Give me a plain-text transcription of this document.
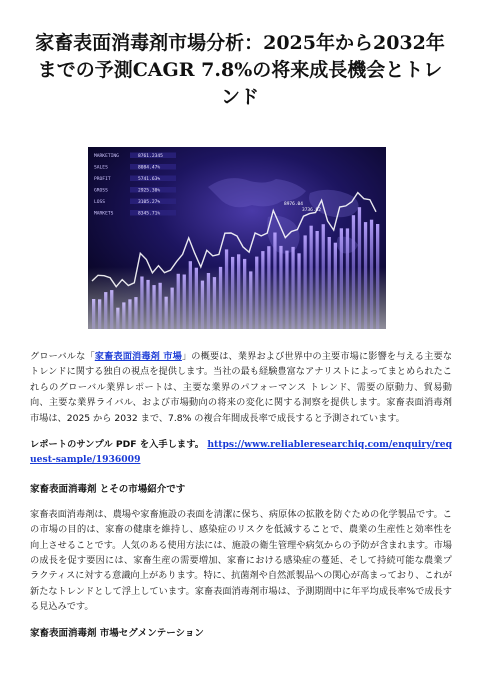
家畜表面消毒剤市場分析：2025年から2032年までの予測CAGR 7.8%の将来成長機会とトレンド
MARKETING	8761.2345
SALES	8084.47%
PROFIT	5741.63%
GROSS	2925.30%
LOSS	3105.27%
MARKETS	8345.71%
8976.04
3736.02

グローバルな「家畜表面消毒剤 市場」の概要は、業界および世界中の主要市場に影響を与える主要なトレンドに関する独自の視点を提供します。当社の最も経験豊富なアナリストによってまとめられたこれらのグローバル業界レポートは、主要な業界のパフォーマンス トレンド、需要の原動力、貿易動向、主要な業界ライバル、および市場動向の将来の変化に関する洞察を提供します。家畜表面消毒剤 市場は、2025 から 2032 まで、7.8% の複合年間成長率で成長すると予測されています。

レポートのサンプル PDF を入手します。 https://www.reliableresearchiq.com/enquiry/request-sample/1936009

家畜表面消毒剤 とその市場紹介です

家畜表面消毒剤は、農場や家畜施設の表面を清潔に保ち、病原体の拡散を防ぐための化学製品です。この市場の目的は、家畜の健康を維持し、感染症のリスクを低減することで、農業の生産性と効率性を向上させることです。人気のある使用方法には、施設の衛生管理や病気からの予防が含まれます。市場の成長を促す要因には、家畜生産の需要増加、家畜における感染症の蔓延、そして持続可能な農業プラクティスに対する意識向上があります。特に、抗菌剤や自然派製品への関心が高まっており、これが新たなトレンドとして浮上しています。家畜表面消毒剤市場は、予測期間中に年平均成長率%で成長する見込みです。

家畜表面消毒剤 市場セグメンテーション
